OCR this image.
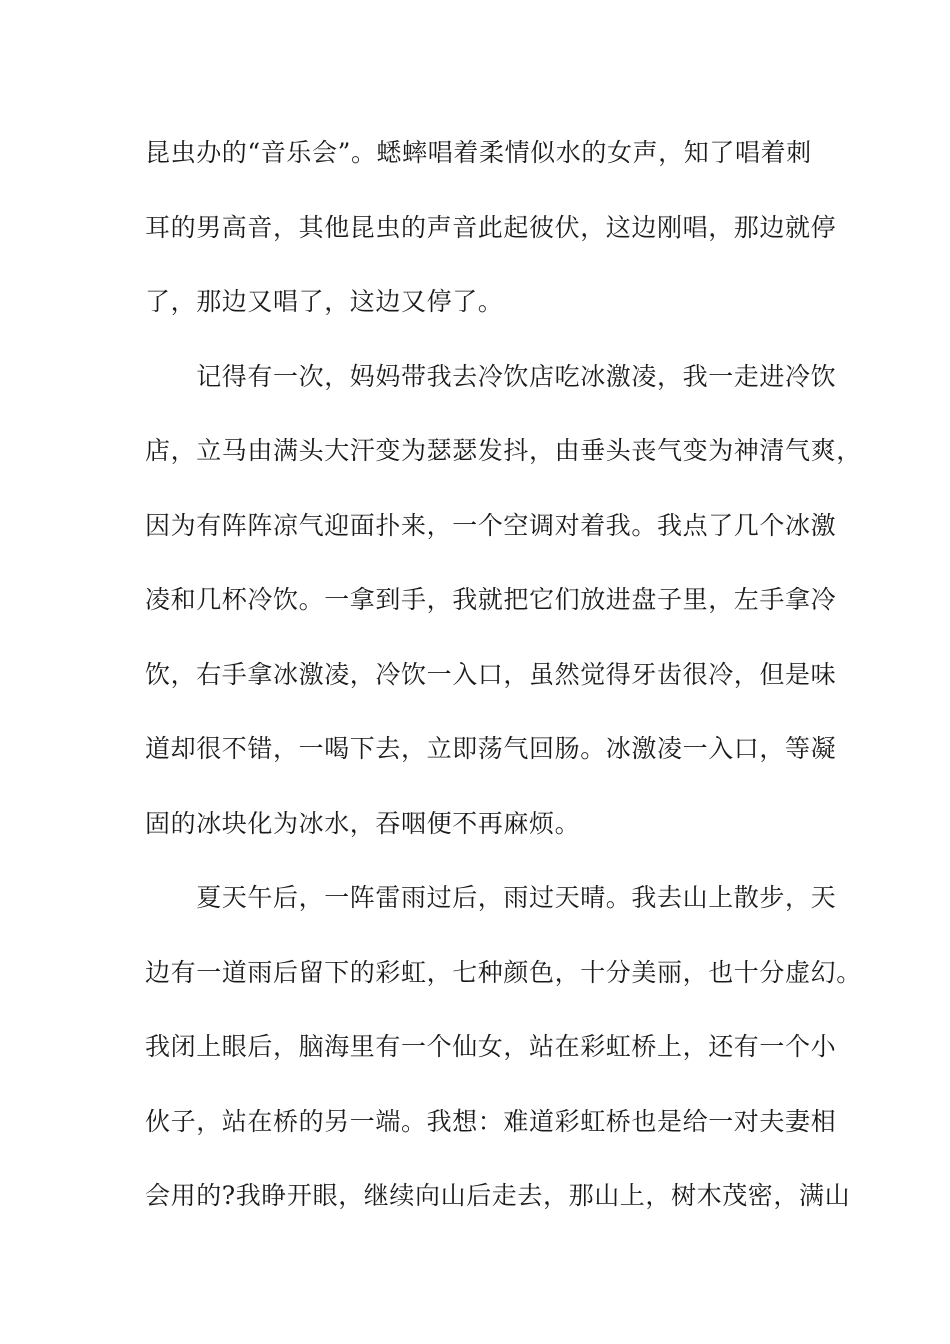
昆虫办的“音乐会”。蟋蟀唱着柔情似水的女声，知了唱着刺
耳的男高音，其他昆虫的声音此起彼伏，这边刚唱，那边就停
了，那边又唱了，这边又停了。
　　记得有一次，妈妈带我去冷饮店吃冰激凌，我一走进冷饮
店，立马由满头大汗变为瑟瑟发抖，由垂头丧气变为神清气爽，
因为有阵阵凉气迎面扑来，一个空调对着我。我点了几个冰激
凌和几杯冷饮。一拿到手，我就把它们放进盘子里，左手拿冷
饮，右手拿冰激凌，冷饮一入口，虽然觉得牙齿很冷，但是味
道却很不错，一喝下去，立即荡气回肠。冰激凌一入口，等凝
固的冰块化为冰水，吞咽便不再麻烦。
　　夏天午后，一阵雷雨过后，雨过天晴。我去山上散步，天
边有一道雨后留下的彩虹，七种颜色，十分美丽，也十分虚幻。
我闭上眼后，脑海里有一个仙女，站在彩虹桥上，还有一个小
伙子，站在桥的另一端。我想：难道彩虹桥也是给一对夫妻相
会用的?我睁开眼，继续向山后走去，那山上，树木茂密，满山
